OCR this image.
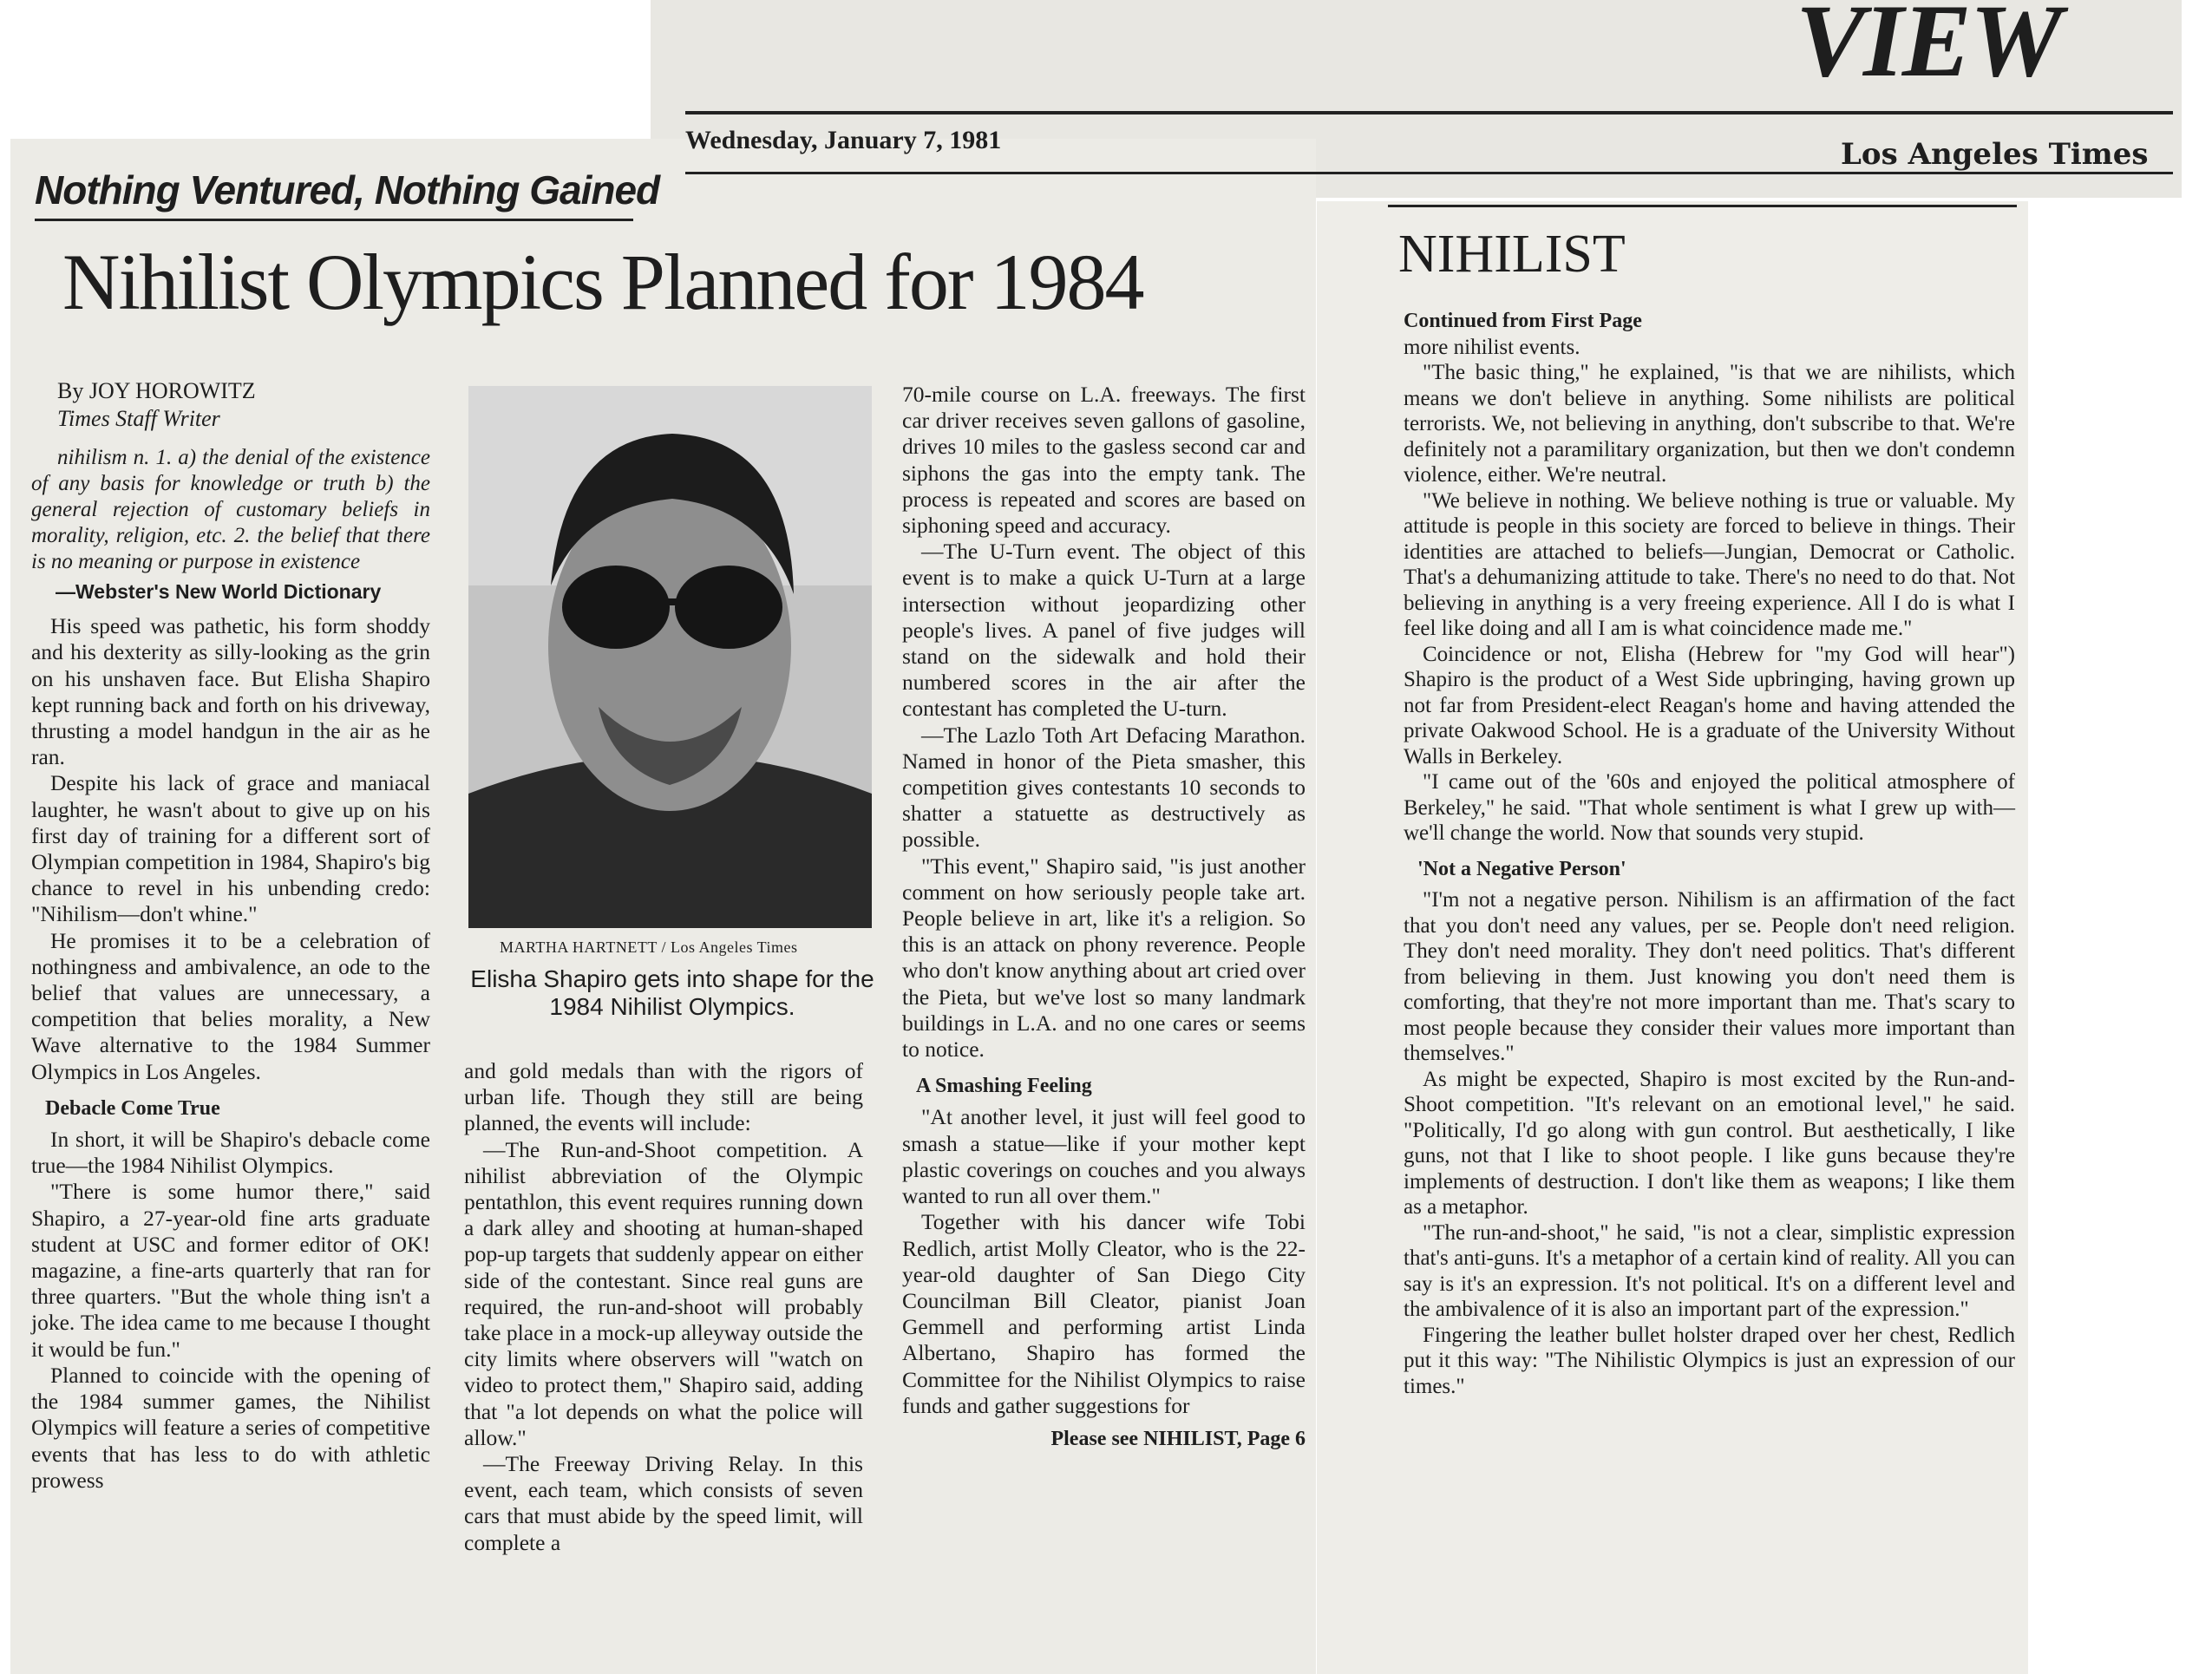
VIEW
Wednesday, January 7, 1981	Los Angeles Times
Nothing Ventured, Nothing Gained
Nihilist Olympics Planned for 1984
By JOY HOROWITZ
Times Staff Writer
nihilism n. 1. a) the denial of the existence of any basis for knowledge or truth b) the general rejection of customary beliefs in morality, religion, etc. 2. the belief that there is no meaning or purpose in existence
—Webster's New World Dictionary

His speed was pathetic, his form shoddy and his dexterity as silly-looking as the grin on his unshaven face. But Elisha Shapiro kept running back and forth on his driveway, thrusting a model handgun in the air as he ran.

Despite his lack of grace and maniacal laughter, he wasn't about to give up on his first day of training for a different sort of Olympian competition in 1984, Shapiro's big chance to revel in his unbending credo: "Nihilism—don't whine."

He promises it to be a celebration of nothingness and ambivalence, an ode to the belief that values are unnecessary, a competition that belies morality, a New Wave alternative to the 1984 Summer Olympics in Los Angeles.

Debacle Come True

In short, it will be Shapiro's debacle come true—the 1984 Nihilist Olympics.

"There is some humor there," said Shapiro, a 27-year-old fine arts graduate student at USC and former editor of OK! magazine, a fine-arts quarterly that ran for three quarters. "But the whole thing isn't a joke. The idea came to me because I thought it would be fun."

Planned to coincide with the opening of the 1984 summer games, the Nihilist Olympics will feature a series of competitive events that has less to do with athletic prowess

MARTHA HARTNETT / Los Angeles Times
Elisha Shapiro gets into shape for the 1984 Nihilist Olympics.

and gold medals than with the rigors of urban life. Though they still are being planned, the events will include:

—The Run-and-Shoot competition. A nihilist abbreviation of the Olympic pentathlon, this event requires running down a dark alley and shooting at human-shaped pop-up targets that suddenly appear on either side of the contestant. Since real guns are required, the run-and-shoot will probably take place in a mock-up alleyway outside the city limits where observers will "watch on video to protect them," Shapiro said, adding that "a lot depends on what the police will allow."

—The Freeway Driving Relay. In this event, each team, which consists of seven cars that must abide by the speed limit, will complete a

70-mile course on L.A. freeways. The first car driver receives seven gallons of gasoline, drives 10 miles to the gasless second car and siphons the gas into the empty tank. The process is repeated and scores are based on siphoning speed and accuracy.

—The U-Turn event. The object of this event is to make a quick U-Turn at a large intersection without jeopardizing other people's lives. A panel of five judges will stand on the sidewalk and hold their numbered scores in the air after the contestant has completed the U-turn.

—The Lazlo Toth Art Defacing Marathon. Named in honor of the Pieta smasher, this competition gives contestants 10 seconds to shatter a statuette as destructively as possible.

"This event," Shapiro said, "is just another comment on how seriously people take art. People believe in art, like it's a religion. So this is an attack on phony reverence. People who don't know anything about art cried over the Pieta, but we've lost so many landmark buildings in L.A. and no one cares or seems to notice.

A Smashing Feeling

"At another level, it just will feel good to smash a statue—like if your mother kept plastic coverings on couches and you always wanted to run all over them."

Together with his dancer wife Tobi Redlich, artist Molly Cleator, who is the 22-year-old daughter of San Diego City Councilman Bill Cleator, pianist Joan Gemmell and performing artist Linda Albertano, Shapiro has formed the Committee for the Nihilist Olympics to raise funds and gather suggestions for

Please see NIHILIST, Page 6
NIHILIST
Continued from First Page

more nihilist events.

"The basic thing," he explained, "is that we are nihilists, which means we don't believe in anything. Some nihilists are political terrorists. We, not believing in anything, don't subscribe to that. We're definitely not a paramilitary organization, but then we don't condemn violence, either. We're neutral.

"We believe in nothing. We believe nothing is true or valuable. My attitude is people in this society are forced to believe in things. Their identities are attached to beliefs—Jungian, Democrat or Catholic. That's a dehumanizing attitude to take. There's no need to do that. Not believing in anything is a very freeing experience. All I do is what I feel like doing and all I am is what coincidence made me."

Coincidence or not, Elisha (Hebrew for "my God will hear") Shapiro is the product of a West Side upbringing, having grown up not far from President-elect Reagan's home and having attended the private Oakwood School. He is a graduate of the University Without Walls in Berkeley.

"I came out of the '60s and enjoyed the political atmosphere of Berkeley," he said. "That whole sentiment is what I grew up with—we'll change the world. Now that sounds very stupid.

'Not a Negative Person'

"I'm not a negative person. Nihilism is an affirmation of the fact that you don't need any values, per se. People don't need religion. They don't need morality. They don't need politics. That's different from believing in them. Just knowing you don't need them is comforting, that they're not more important than me. That's scary to most people because they consider their values more important than themselves."

As might be expected, Shapiro is most excited by the Run-and-Shoot competition. "It's relevant on an emotional level," he said. "Politically, I'd go along with gun control. But aesthetically, I like guns, not that I like to shoot people. I like guns because they're implements of destruction. I don't like them as weapons; I like them as a metaphor.

"The run-and-shoot," he said, "is not a clear, simplistic expression that's anti-guns. It's a metaphor of a certain kind of reality. All you can say is it's an expression. It's not political. It's on a different level and the ambivalence of it is also an important part of the expression."

Fingering the leather bullet holster draped over her chest, Redlich put it this way: "The Nihilistic Olympics is just an expression of our times."
